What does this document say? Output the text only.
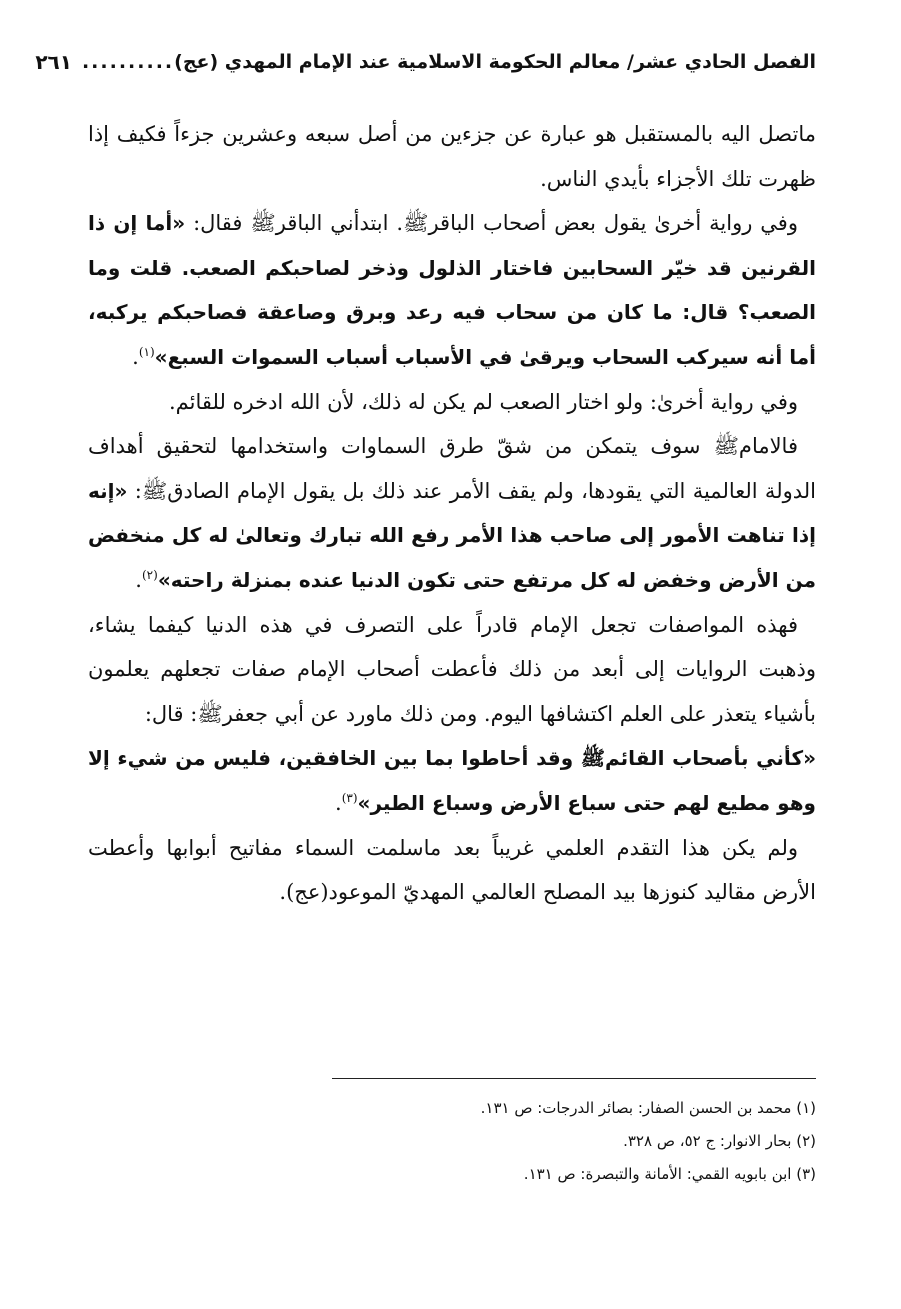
الفصل الحادي عشر/ معالم الحكومة الاسلامية عند الإمام المهدي (عج)
..........
٢٦١

ماتصل اليه بالمستقبل هو عبارة عن جزءين من أصل سبعه وعشرين جزءاً فكيف إذا ظهرت تلك الأجزاء بأيدي الناس.

وفي رواية أخرىٰ يقول بعض أصحاب الباقرﷺ. ابتدأني الباقرﷺ فقال: «أما إن ذا القرنين قد خيّر السحابين فاختار الذلول وذخر لصاحبكم الصعب. قلت وما الصعب؟ قال: ما كان من سحاب فيه رعد وبرق وصاعقة فصاحبكم يركبه، أما أنه سيركب السحاب ويرقىٰ في الأسباب أسباب السموات السبع»$^{(١)}$.

وفي رواية أخرىٰ: ولو اختار الصعب لم يكن له ذلك، لأن الله ادخره للقائم.

فالامامﷺ سوف يتمكن من شقّ طرق السماوات واستخدامها لتحقيق أهداف الدولة العالمية التي يقودها، ولم يقف الأمر عند ذلك بل يقول الإمام الصادقﷺ: «إنه إذا تناهت الأمور إلى صاحب هذا الأمر رفع الله تبارك وتعالىٰ له كل منخفض من الأرض وخفض له كل مرتفع حتى تكون الدنيا عنده بمنزلة راحته»$^{(٢)}$.

فهذه المواصفات تجعل الإمام قادراً على التصرف في هذه الدنيا كيفما يشاء، وذهبت الروايات إلى أبعد من ذلك فأعطت أصحاب الإمام صفات تجعلهم يعلمون بأشياء يتعذر على العلم اكتشافها اليوم. ومن ذلك ماورد عن أبي جعفرﷺ: قال:

«كأني بأصحاب القائمﷺ وقد أحاطوا بما بين الخافقين، فليس من شيء إلا وهو مطيع لهم حتى سباع الأرض وسباع الطير»$^{(٣)}$.

ولم يكن هذا التقدم العلمي غريباً بعد ماسلمت السماء مفاتيح أبوابها وأعطت الأرض مقاليد كنوزها بيد المصلح العالمي المهديّ الموعود(عج).

(١) محمد بن الحسن الصفار: بصائر الدرجات: ص ١٣١.
(٢) بحار الانوار: ج ٥٢، ص ٣٢٨.
(٣) ابن بابويه القمي: الأمانة والتبصرة: ص ١٣١.
